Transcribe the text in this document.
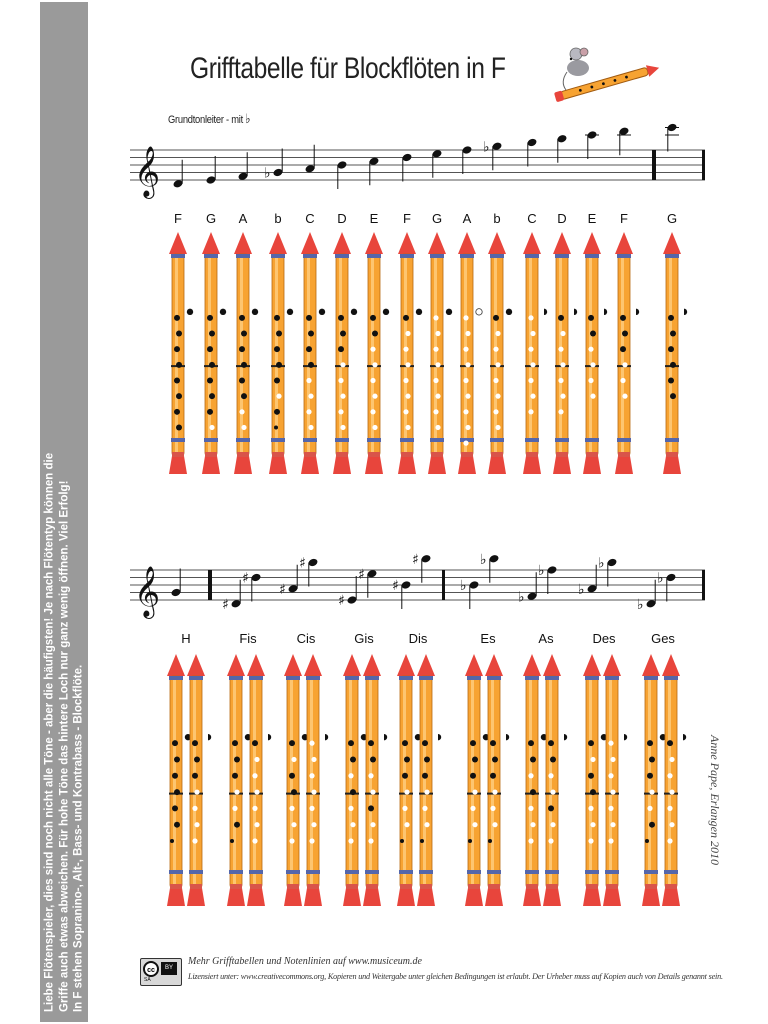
Liebe Flötenspieler, dies sind noch nicht alle Töne - aber die häufigsten! Je nach Flötentyp können die Griffe auch etwas abweichen. Für hohe Töne das hintere Loch nur ganz wenig öffnen. Viel Erfolg! In F stehen Sopranino-, Alt-, Bass- und Kontrabass - Blockflöte.
Grifftabelle für Blockflöten in F
Grundtonleiter - mit ♭
𝄞
F G A
♭
b C D E F G A
♭
b C D E F	G
𝄞
H
♯
♯
Fis
♯
♯
Cis
♯
♯
Gis
♯
♯
Dis
♭
♭
Es
♭
♭
As
♭
♭
Des
♭
♭
Ges
Anne Pape, Erlangen 2010
cc	BY
SA
Mehr Grifftabellen und Notenlinien auf www.musiceum.de
Lizensiert unter: www.creativecommons.org, Kopieren und Weitergabe unter gleichen Bedingungen ist erlaubt. Der Urheber muss auf Kopien auch von Details genannt sein.
